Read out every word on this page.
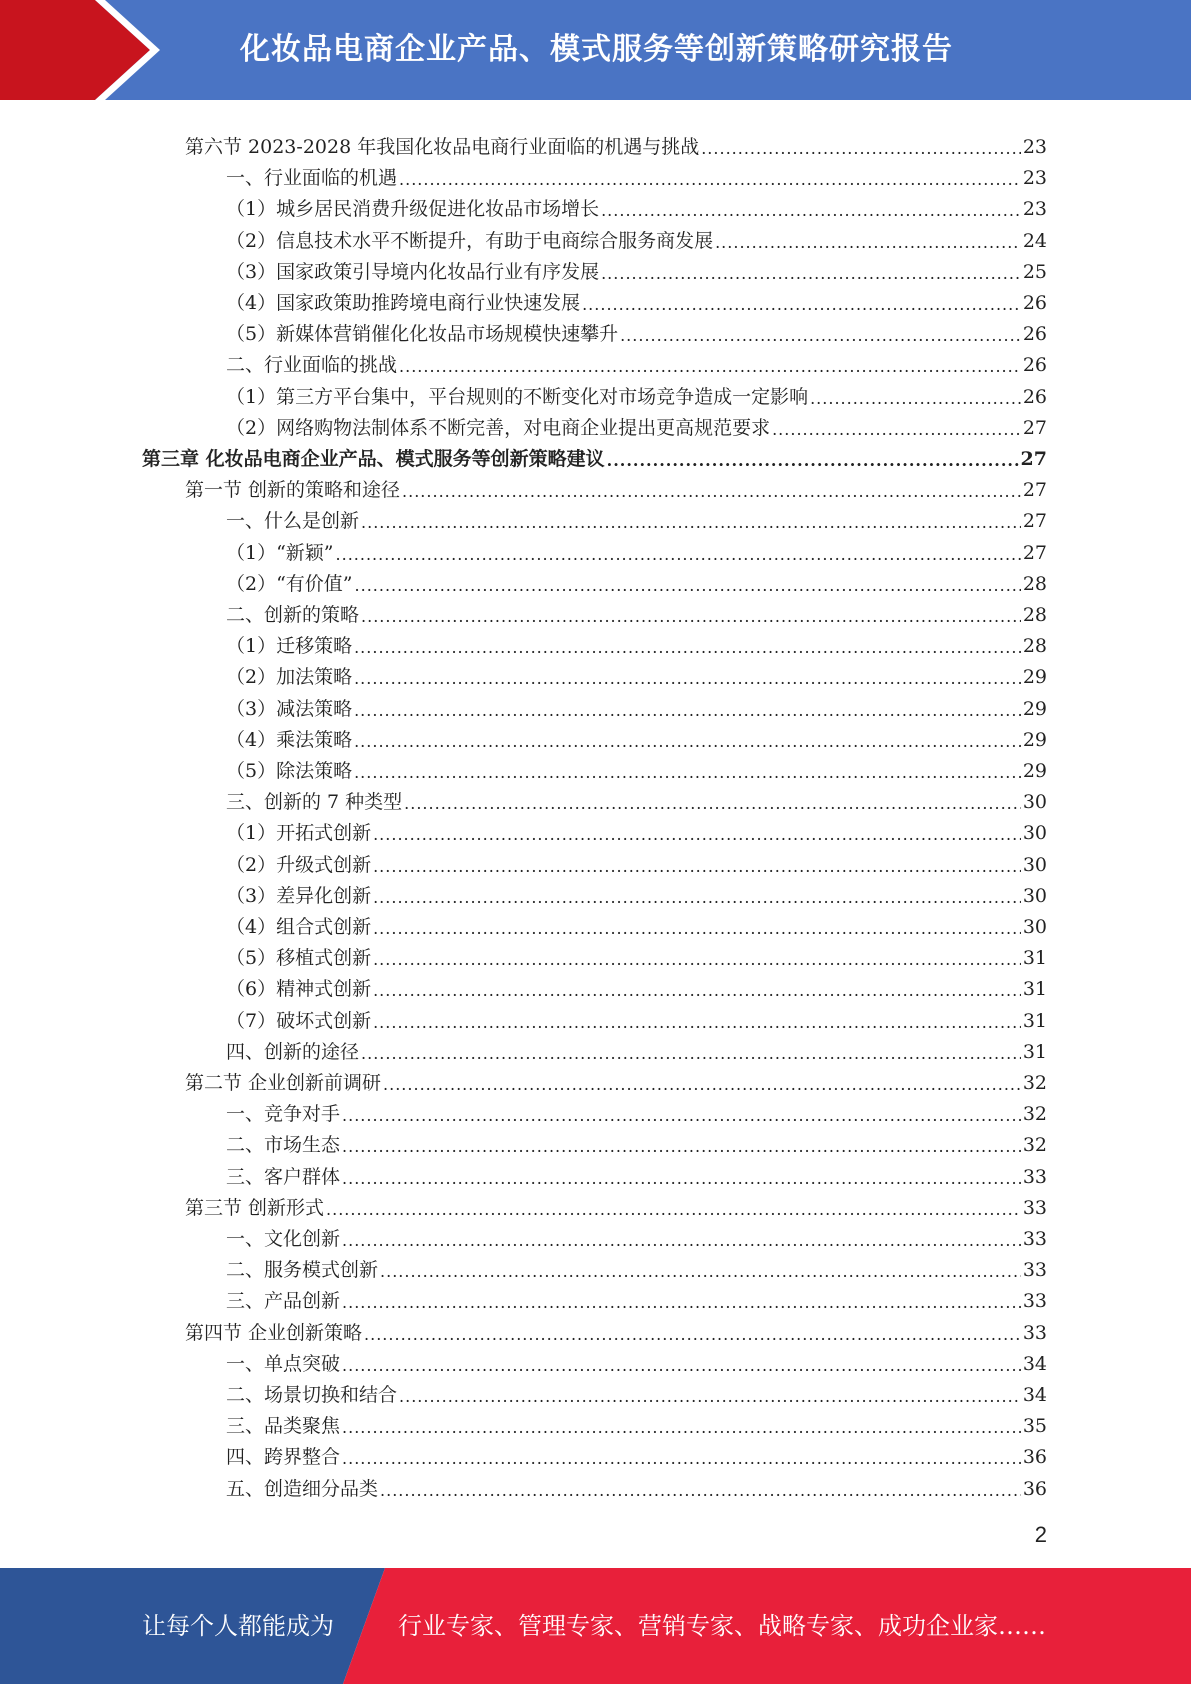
化妆品电商企业产品、模式服务等创新策略研究报告
第六节 2023-2028 年我国化妆品电商行业面临的机遇与挑战 .....	23
一、行业面临的机遇 .....	23
（1）城乡居民消费升级促进化妆品市场增长 .....	23
（2）信息技术水平不断提升，有助于电商综合服务商发展 .....	24
（3）国家政策引导境内化妆品行业有序发展 .....	25
（4）国家政策助推跨境电商行业快速发展 .....	26
（5）新媒体营销催化化妆品市场规模快速攀升 .....	26
二、行业面临的挑战 .....	26
（1）第三方平台集中，平台规则的不断变化对市场竞争造成一定影响 .....	26
（2）网络购物法制体系不断完善，对电商企业提出更高规范要求 .....	27
第三章 化妆品电商企业产品、模式服务等创新策略建议 .....	27
第一节 创新的策略和途径 .....	27
一、什么是创新 .....	27
（1）“新颖” .....	27
（2）“有价值” .....	28
二、创新的策略 .....	28
（1）迁移策略 .....	28
（2）加法策略 .....	29
（3）减法策略 .....	29
（4）乘法策略 .....	29
（5）除法策略 .....	29
三、创新的 7 种类型 .....	30
（1）开拓式创新 .....	30
（2）升级式创新 .....	30
（3）差异化创新 .....	30
（4）组合式创新 .....	30
（5）移植式创新 .....	31
（6）精神式创新 .....	31
（7）破坏式创新 .....	31
四、创新的途径 .....	31
第二节 企业创新前调研 .....	32
一、竞争对手 .....	32
二、市场生态 .....	32
三、客户群体 .....	33
第三节 创新形式 .....	33
一、文化创新 .....	33
二、服务模式创新 .....	33
三、产品创新 .....	33
第四节 企业创新策略 .....	33
一、单点突破 .....	34
二、场景切换和结合 .....	34
三、品类聚焦 .....	35
四、跨界整合 .....	36
五、创造细分品类 .....	36
2
让每个人都能成为	行业专家、管理专家、营销专家、战略专家、成功企业家……
